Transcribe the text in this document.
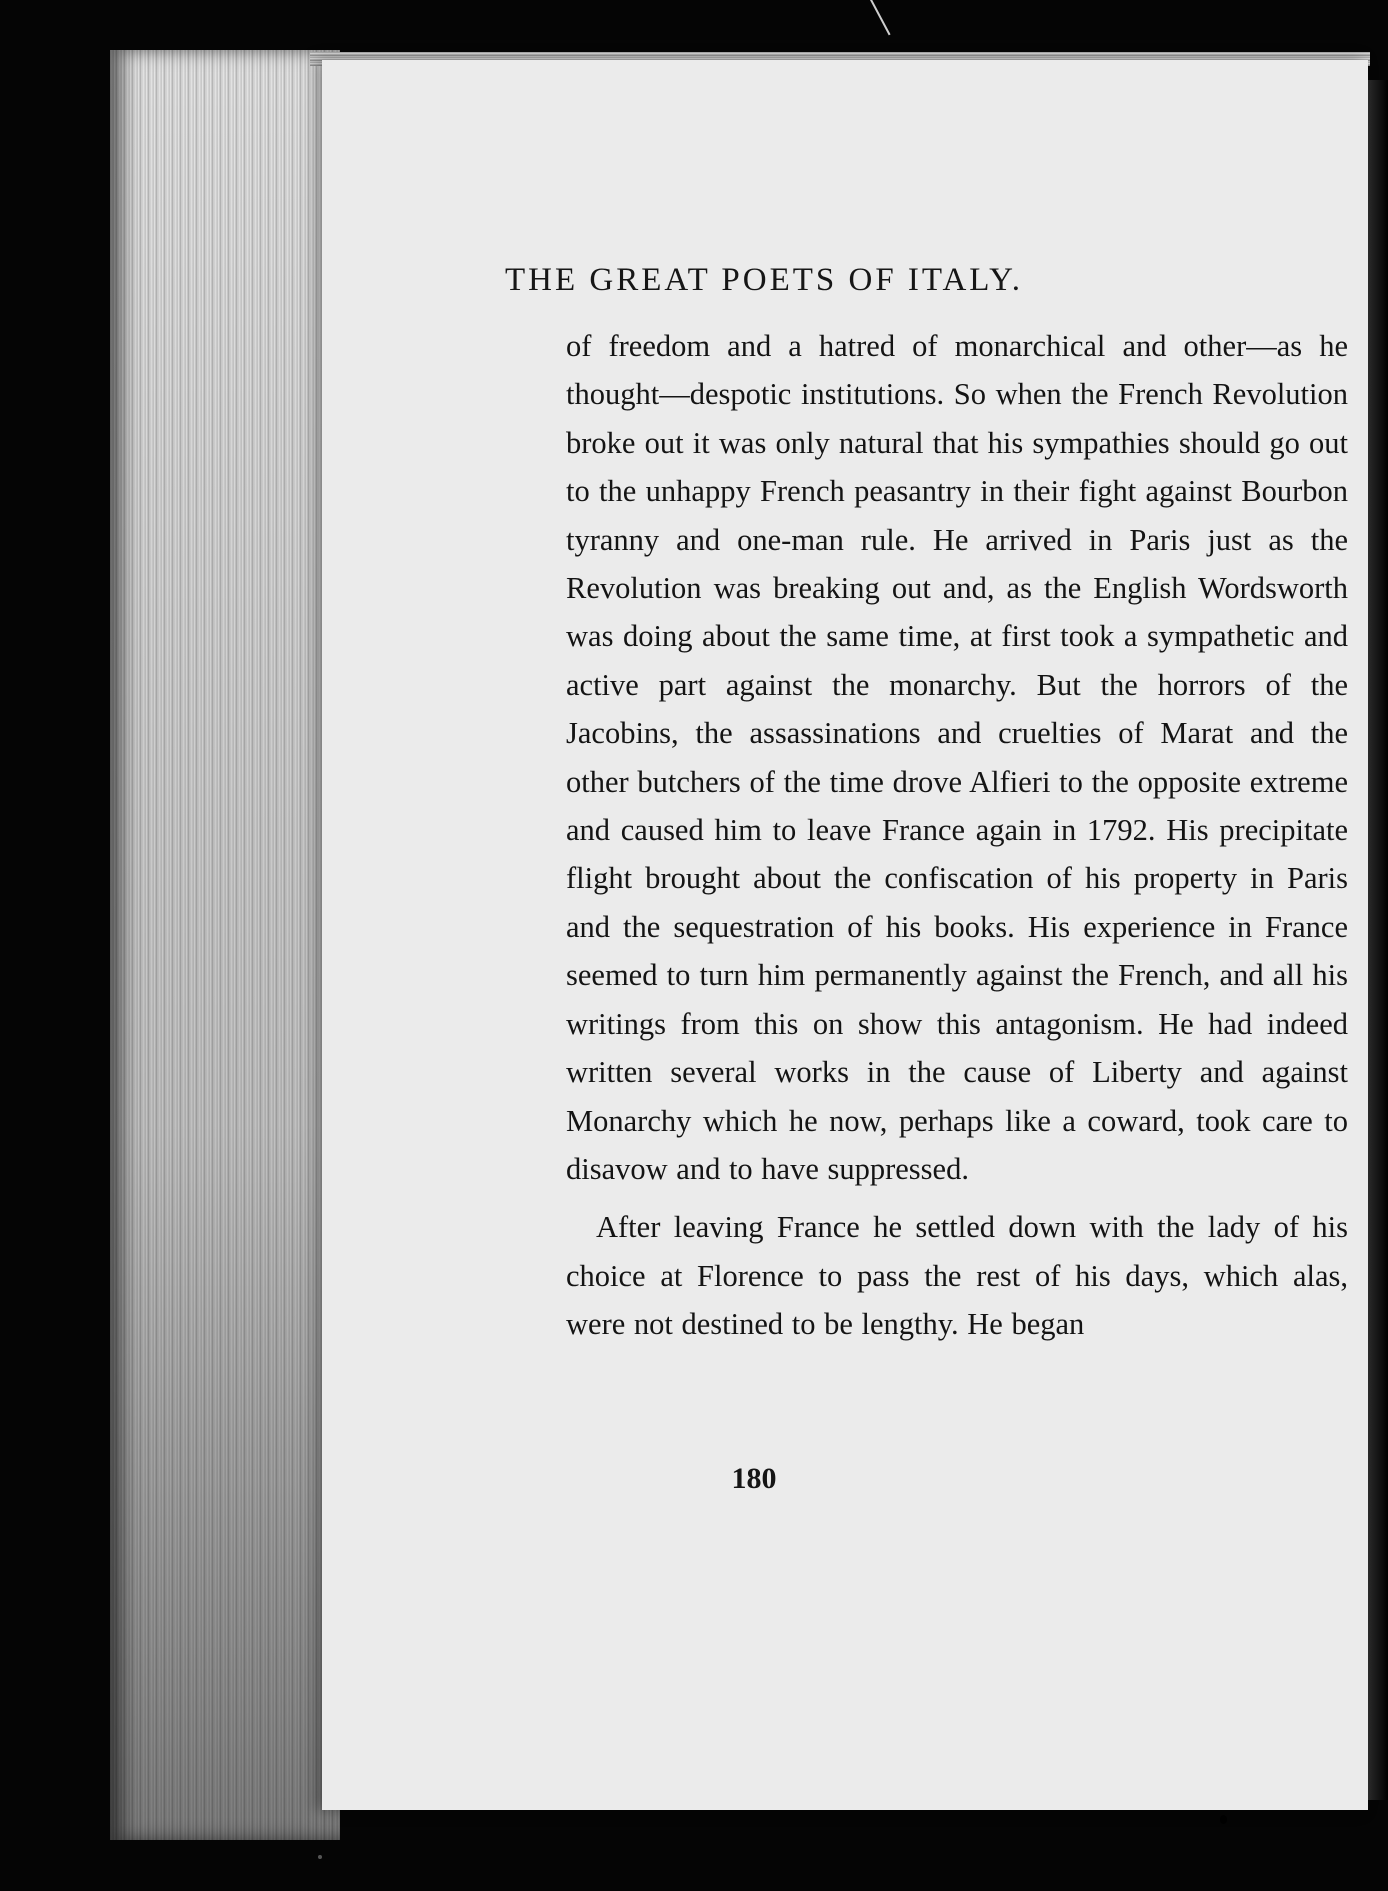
THE GREAT POETS OF ITALY.

of freedom and a hatred of monarchical and other—as he thought—despotic institutions. So when the French Revolution broke out it was only natural that his sympathies should go out to the unhappy French peasantry in their fight against Bourbon tyranny and one-man rule. He arrived in Paris just as the Revolution was breaking out and, as the English Wordsworth was doing about the same time, at first took a sympathetic and active part against the monarchy. But the horrors of the Jacobins, the assassinations and cruelties of Marat and the other butchers of the time drove Alfieri to the opposite extreme and caused him to leave France again in 1792. His precipitate flight brought about the confiscation of his property in Paris and the sequestration of his books. His experience in France seemed to turn him permanently against the French, and all his writings from this on show this antagonism. He had indeed written several works in the cause of Liberty and against Monarchy which he now, perhaps like a coward, took care to disavow and to have suppressed.

After leaving France he settled down with the lady of his choice at Florence to pass the rest of his days, which alas, were not destined to be lengthy. He began

180
